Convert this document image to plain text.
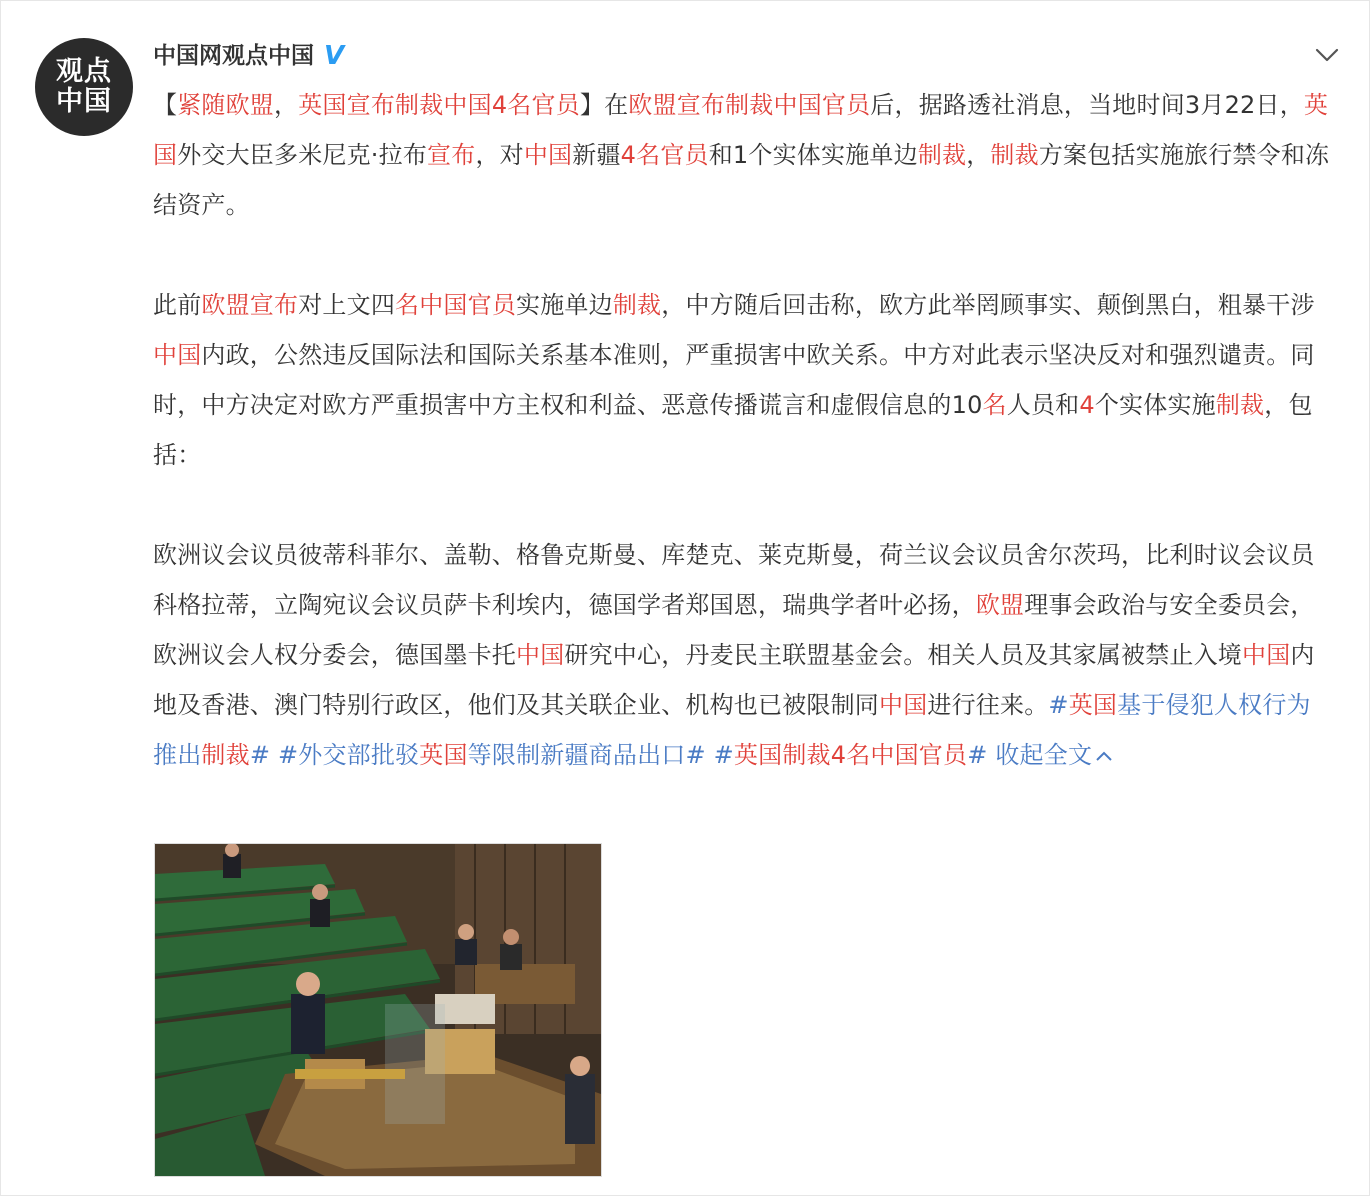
观点
中国
中国网观点中国 V

【紧随欧盟，英国宣布制裁中国4名官员】在欧盟宣布制裁中国官员后，据路透社消息，当地时间3月22日，英国外交大臣多米尼克·拉布宣布，对中国新疆4名官员和1个实体实施单边制裁，制裁方案包括实施旅行禁令和冻结资产。

此前欧盟宣布对上文四名中国官员实施单边制裁，中方随后回击称，欧方此举罔顾事实、颠倒黑白，粗暴干涉中国内政，公然违反国际法和国际关系基本准则，严重损害中欧关系。中方对此表示坚决反对和强烈谴责。同时，中方决定对欧方严重损害中方主权和利益、恶意传播谎言和虚假信息的10名人员和4个实体实施制裁，包括：

欧洲议会议员彼蒂科菲尔、盖勒、格鲁克斯曼、库楚克、莱克斯曼，荷兰议会议员舍尔茨玛，比利时议会议员科格拉蒂，立陶宛议会议员萨卡利埃内，德国学者郑国恩，瑞典学者叶必扬，欧盟理事会政治与安全委员会，欧洲议会人权分委会，德国墨卡托中国研究中心，丹麦民主联盟基金会。相关人员及其家属被禁止入境中国内地及香港、澳门特别行政区，他们及其关联企业、机构也已被限制同中国进行往来。#英国基于侵犯人权行为推出制裁# #外交部批驳英国等限制新疆商品出口# #英国制裁4名中国官员# 收起全文
